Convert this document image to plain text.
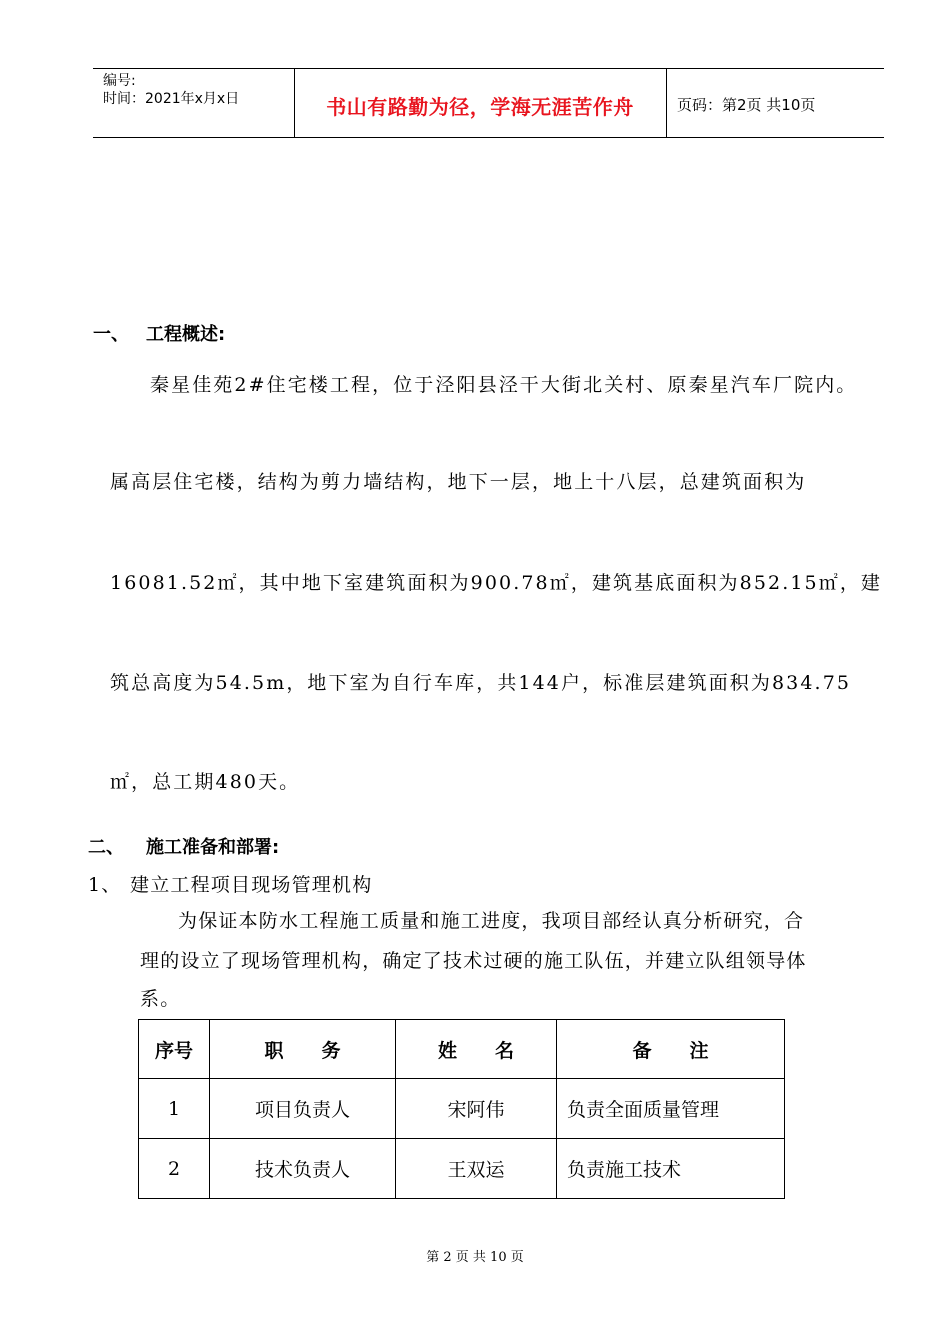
编号:
时间：2021年x月x日	书山有路勤为径，学海无涯苦作舟	页码：第2页 共10页
一、 工程概述:
秦星佳苑2#住宅楼工程，位于泾阳县泾干大街北关村、原秦星汽车厂院内。
属高层住宅楼，结构为剪力墙结构，地下一层，地上十八层，总建筑面积为
16081.52㎡，其中地下室建筑面积为900.78㎡，建筑基底面积为852.15㎡，建
筑总高度为54.5m，地下室为自行车库，共144户，标准层建筑面积为834.75
㎡，总工期480天。
二、 施工准备和部署:
1、 建立工程项目现场管理机构
为保证本防水工程施工质量和施工进度，我项目部经认真分析研究，合
理的设立了现场管理机构，确定了技术过硬的施工队伍，并建立队组领导体
系。
序号	职　　务	姓　　名	备　　注
1	项目负责人	宋阿伟	负责全面质量管理
2	技术负责人	王双运	负责施工技术
第 2 页 共 10 页
